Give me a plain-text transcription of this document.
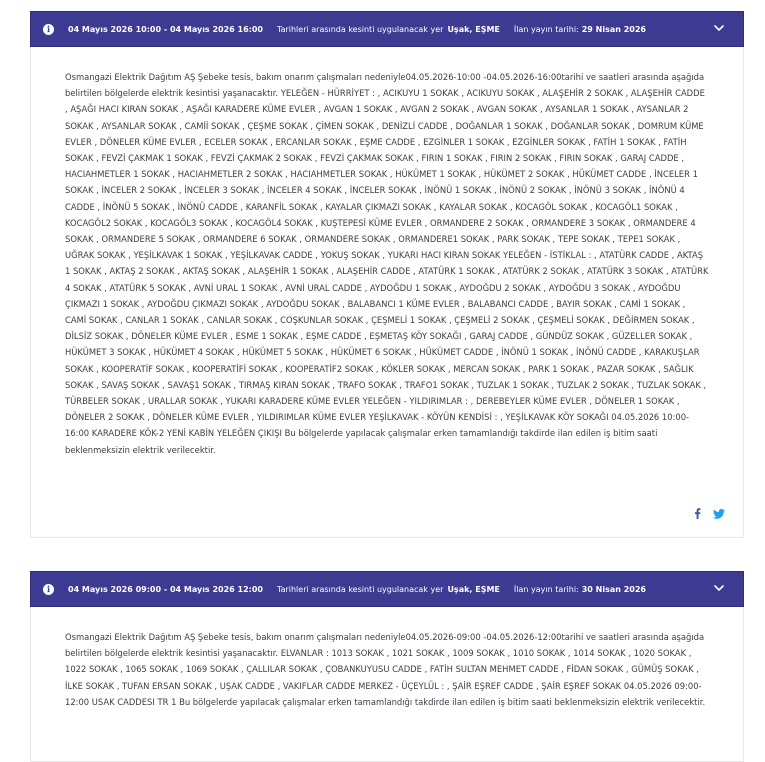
i	04 Mayıs 2026 10:00 - 04 Mayıs 2026 16:00 Tarihleri arasında kesinti uygulanacak yer Uşak, EŞME İlan yayın tarihi: 29 Nisan 2026

Osmangazi Elektrik Dağıtım AŞ Şebeke tesis, bakım onarım çalışmaları nedeniyle04.05.2026-10:00 -04.05.2026-16:00tarihi ve saatleri arasında aşağıda belirtilen bölgelerde elektrik kesintisi yaşanacaktır. YELEĞEN - HÜRRİYET : , ACIKUYU 1 SOKAK , ACIKUYU SOKAK , ALAŞEHİR 2 SOKAK , ALAŞEHİR CADDE , AŞAĞI HACI KIRAN SOKAK , AŞAĞI KARADERE KÜME EVLER , AVGAN 1 SOKAK , AVGAN 2 SOKAK , AVGAN SOKAK , AYSANLAR 1 SOKAK , AYSANLAR 2 SOKAK , AYSANLAR SOKAK , CAMİİ SOKAK , ÇEŞME SOKAK , ÇİMEN SOKAK , DENİZLİ CADDE , DOĞANLAR 1 SOKAK , DOĞANLAR SOKAK , DOMRUM KÜME EVLER , DÖNELER KÜME EVLER , ECELER SOKAK , ERCANLAR SOKAK , EŞME CADDE , EZGİNLER 1 SOKAK , EZGİNLER SOKAK , FATİH 1 SOKAK , FATİH SOKAK , FEVZİ ÇAKMAK 1 SOKAK , FEVZİ ÇAKMAK 2 SOKAK , FEVZİ ÇAKMAK SOKAK , FIRIN 1 SOKAK , FIRIN 2 SOKAK , FIRIN SOKAK , GARAJ CADDE , HACIAHMETLER 1 SOKAK , HACIAHMETLER 2 SOKAK , HACIAHMETLER SOKAK , HÜKÜMET 1 SOKAK , HÜKÜMET 2 SOKAK , HÜKÜMET CADDE , İNCELER 1 SOKAK , İNCELER 2 SOKAK , İNCELER 3 SOKAK , İNCELER 4 SOKAK , İNCELER SOKAK , İNÖNÜ 1 SOKAK , İNÖNÜ 2 SOKAK , İNÖNÜ 3 SOKAK , İNÖNÜ 4 CADDE , İNÖNÜ 5 SOKAK , İNÖNÜ CADDE , KARANFİL SOKAK , KAYALAR ÇIKMAZI SOKAK , KAYALAR SOKAK , KOCAGÖL SOKAK , KOCAGÖL1 SOKAK , KOCAGÖL2 SOKAK , KOCAGÖL3 SOKAK , KOCAGÖL4 SOKAK , KUŞTEPESİ KÜME EVLER , ORMANDERE 2 SOKAK , ORMANDERE 3 SOKAK , ORMANDERE 4 SOKAK , ORMANDERE 5 SOKAK , ORMANDERE 6 SOKAK , ORMANDERE SOKAK , ORMANDERE1 SOKAK , PARK SOKAK , TEPE SOKAK , TEPE1 SOKAK , UĞRAK SOKAK , YEŞİLKAVAK 1 SOKAK , YEŞİLKAVAK CADDE , YOKUŞ SOKAK , YUKARI HACI KIRAN SOKAK YELEĞEN - İSTİKLAL : , ATATÜRK CADDE , AKTAŞ 1 SOKAK , AKTAŞ 2 SOKAK , AKTAŞ SOKAK , ALAŞEHİR 1 SOKAK , ALAŞEHİR CADDE , ATATÜRK 1 SOKAK , ATATÜRK 2 SOKAK , ATATÜRK 3 SOKAK , ATATÜRK 4 SOKAK , ATATÜRK 5 SOKAK , AVNİ URAL 1 SOKAK , AVNİ URAL CADDE , AYDOĞDU 1 SOKAK , AYDOĞDU 2 SOKAK , AYDOĞDU 3 SOKAK , AYDOĞDU ÇIKMAZI 1 SOKAK , AYDOĞDU ÇIKMAZI SOKAK , AYDOĞDU SOKAK , BALABANCI 1 KÜME EVLER , BALABANCI CADDE , BAYIR SOKAK , CAMİ 1 SOKAK , CAMİ SOKAK , CANLAR 1 SOKAK , CANLAR SOKAK , COŞKUNLAR SOKAK , ÇEŞMELİ 1 SOKAK , ÇEŞMELİ 2 SOKAK , ÇEŞMELİ SOKAK , DEĞİRMEN SOKAK , DİLSİZ SOKAK , DÖNELER KÜME EVLER , ESME 1 SOKAK , EŞME CADDE , EŞMETAŞ KÖY SOKAĞI , GARAJ CADDE , GÜNDÜZ SOKAK , GÜZELLER SOKAK , HÜKÜMET 3 SOKAK , HÜKÜMET 4 SOKAK , HÜKÜMET 5 SOKAK , HÜKÜMET 6 SOKAK , HÜKÜMET CADDE , İNÖNÜ 1 SOKAK , İNÖNÜ CADDE , KARAKUŞLAR SOKAK , KOOPERATİF SOKAK , KOOPERATİFİ SOKAK , KOOPERATİF2 SOKAK , KÖKLER SOKAK , MERCAN SOKAK , PARK 1 SOKAK , PAZAR SOKAK , SAĞLIK SOKAK , SAVAŞ SOKAK , SAVAŞ1 SOKAK , TIRMAŞ KIRAN SOKAK , TRAFO SOKAK , TRAFO1 SOKAK , TUZLAK 1 SOKAK , TUZLAK 2 SOKAK , TUZLAK SOKAK , TÜRBELER SOKAK , URALLAR SOKAK , YUKARI KARADERE KÜME EVLER YELEĞEN - YILDIRIMLAR : , DEREBEYLER KÜME EVLER , DÖNELER 1 SOKAK , DÖNELER 2 SOKAK , DÖNELER KÜME EVLER , YILDIRIMLAR KÜME EVLER YEŞİLKAVAK - KÖYÜN KENDİSİ : , YEŞİLKAVAK KÖY SOKAĞI 04.05.2026 10:00-16:00 KARADERE KÖK-2 YENİ KABİN YELEĞEN ÇIKIŞI Bu bölgelerde yapılacak çalışmalar erken tamamlandığı takdirde ilan edilen iş bitim saati beklenmeksizin elektrik verilecektir.

i	04 Mayıs 2026 09:00 - 04 Mayıs 2026 12:00 Tarihleri arasında kesinti uygulanacak yer Uşak, EŞME İlan yayın tarihi: 30 Nisan 2026

Osmangazi Elektrik Dağıtım AŞ Şebeke tesis, bakım onarım çalışmaları nedeniyle04.05.2026-09:00 -04.05.2026-12:00tarihi ve saatleri arasında aşağıda belirtilen bölgelerde elektrik kesintisi yaşanacaktır. ELVANLAR : 1013 SOKAK , 1021 SOKAK , 1009 SOKAK , 1010 SOKAK , 1014 SOKAK , 1020 SOKAK , 1022 SOKAK , 1065 SOKAK , 1069 SOKAK , ÇALLILAR SOKAK , ÇOBANKUYUSU CADDE , FATİH SULTAN MEHMET CADDE , FİDAN SOKAK , GÜMÜŞ SOKAK , İLKE SOKAK , TUFAN ERSAN SOKAK , UŞAK CADDE , VAKIFLAR CADDE MERKEZ - ÜÇEYLÜL : , ŞAİR EŞREF CADDE , ŞAİR EŞREF SOKAK 04.05.2026 09:00-12:00 USAK CADDESI TR 1 Bu bölgelerde yapılacak çalışmalar erken tamamlandığı takdirde ilan edilen iş bitim saati beklenmeksizin elektrik verilecektir.
